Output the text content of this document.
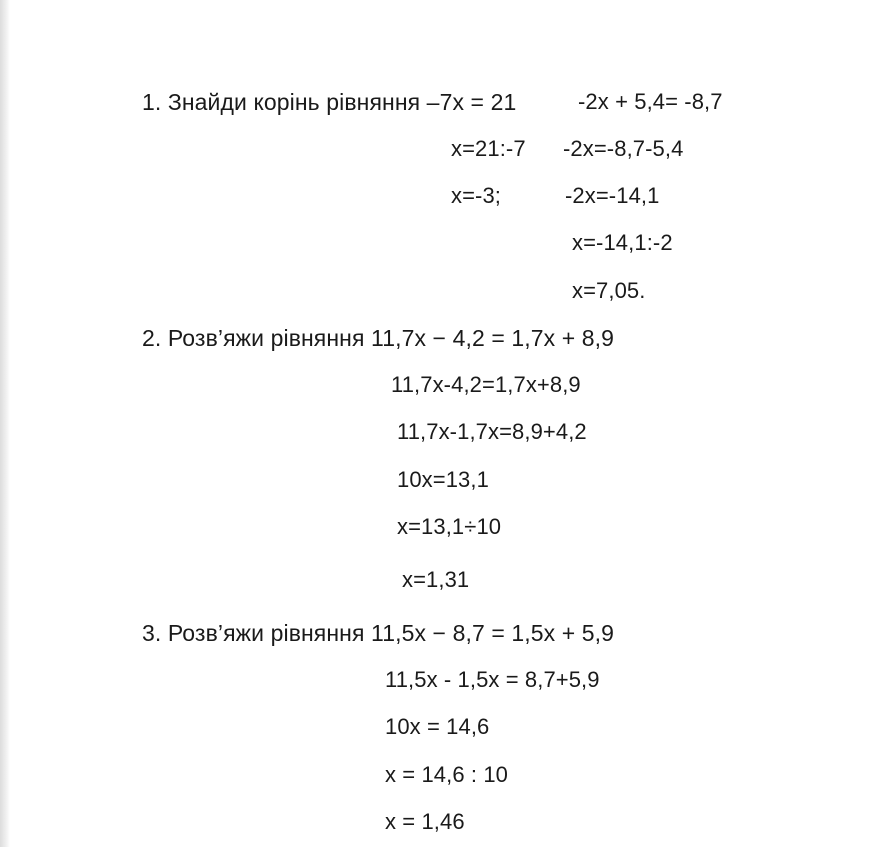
1. Знайди корінь рівняння –7x = 21	-2x + 5,4= -8,7
x=21:-7 -2x=-8,7-5,4
x=-3;	-2x=-14,1
x=-14,1:-2
x=7,05.
2. Розв’яжи рівняння 11,7x − 4,2 = 1,7x + 8,9
11,7x-4,2=1,7x+8,9
11,7x-1,7x=8,9+4,2
10x=13,1
x=13,1÷10
x=1,31
3. Розв’яжи рівняння 11,5x − 8,7 = 1,5x + 5,9
11,5x - 1,5x = 8,7+5,9
10x = 14,6
x = 14,6 : 10
x = 1,46
